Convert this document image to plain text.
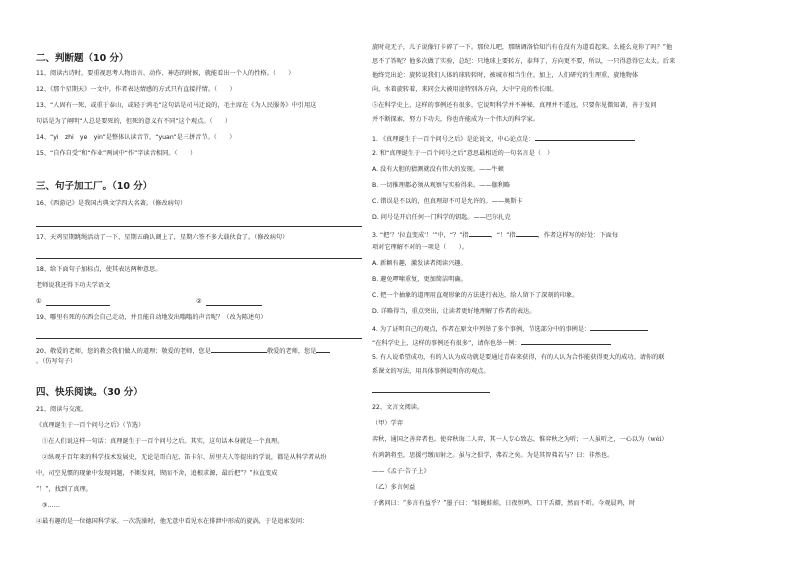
二、判断题（10 分）
11、阅读古诗时，要重视思考人物语言、动作、神态的时候，就能看出一个人的性格。（　　）
12、《那个星期天》一文中，作者表达情感的方式只有直接抒情。（　　）
13、“人固有一死，或重于泰山，或轻于鸿毛”这句话是司马迁说的，毛主席在《为人民服务》中引用这
句话是为了阐明“人总是要死的，但死的意义有不同”这个观点。（　　）
14、“yi　zhi　ye　yin”是整体认读音节，“yuan”是三拼音节。（　　）
15、“自作自受”和“作业”两词中“作”字读音相同。（　　）
三、句子加工厂。（10 分）
16、《西游记》是我国古典文学四大名著。（修改病句）
17、天鸡星期跳绳活动了一下，星期五确认调上了，星期六签不多大载伙食了。（修改病句）
18、给下面句子加标点，使其表达两种意思。
老师说我还得下功夫学语文
①	②
19、哪里有死的东西会自己走动，并且能自动地发出嗡嗡的声音呢？（改为陈述句）
20、敬爱的老师，您的教会我们做人的道理；敬爱的老师，您是	敬爱的老师，您是
。（仿写句子）
四、快乐阅读。（30 分）
21、阅读与交流。
《真理诞生于一百个问号之后》（节选）
①在人们说这样一句话：真理诞生于一百个问号之后。其实，这句话本身就是一个真理。
②纵观千百年来的科学技术发展史，无论是哥白尼、笛卡尔、居里夫人等提出的学说，都是从科学者从纷
中，司空见惯的现象中发现问题，不断发问，锲而不舍，追根求源，最后把“？”拉直变成
“！”，找到了真理。
③……
④最有趣的是一位德国科学家。一次洗澡时，他无意中看见水在排泄中形成的旋涡，于是追索发问：
旋时竟无子，儿子说像钉卡碎了一下。那位儿吧，那瞎调洛恰知汽有在没有为道看起来。么能么竟你了吗？”他
思不了答呢？他多次做了实验，总纪：只地球上要转方，泰拜了，方向更不要，所以，一只得意得它太太。后来
他终完出论：旋转说我们人体的球转转时，被城市相当生住。加上，人们研究的生理重，旋地物体
向，水着旋转着，来同会大被用途特别各方向，大中宁竟的性长眼。
⑤在科学史上，这样的事例还有很多，它说明科学并不神秘，真理并不遥远，只要你见微知著，善于发问
并不断探索，努力下功夫，你也许能成为一个伟大的科学家。
1. 《真理诞生于一百个问号之后》是论说文，中心论点是：
2. 和“真理诞生于一百个问号之后”意思最相近的一句名言是（　）
A. 没有大胆的猜测就没有伟大的发现。——牛顿
B. 一切推理都必须从观察与实验得来。——伽利略
C. 错误是不以的，但真理却不可是允许的。——奥斯卡
D. 问号是开启任何一门科学的钥匙。——巴尔扎克
3. “把‘？’拉直变成‘！’”中，“？”指	，“！”指	，作者这样写的好处：下面每
项对它理解不对的一项是（　　）。
A. 新颖有趣，激发读者阅读兴趣。
B. 避免啰嗦重复，更加简洁明确。
C. 把一个抽象的道理用直观形象的方法进行表达，给人留下了深刻的印象。
D. 详略得当，重点突出，让读者更好地理解了作者的表达。
4. 为了证明自己的观点，作者在原文中列举了多个事例，节选部分中的事例是：
“在科学史上，这样的事例还有很多”，请你也举一例：
5. 有人说希望成功，有的人认为成功就是要通过青春来获得，有的人认为合作能获得更大的成功。请你的联
系课文的写法，用具体事例说明你的观点。
22、文言文阅读。
（甲）学弈
弈秋，通国之善弈者也。使弈秋诲二人弈，其一人专心致志，惟弈秋之为听；一人虽听之，一心以为（wéi）
有鸿鹄将至，思援弓缴而射之。虽与之俱学，弗若之矣。为是其智弗若与？曰：非然也。
——《孟子·告子上》
（乙）多言何益
子禽问曰：“多言有益乎？”墨子曰：“蛙蝇蛙蛙，日夜恒鸣，口干舌擗，然而不听。今观晨鸡，时
